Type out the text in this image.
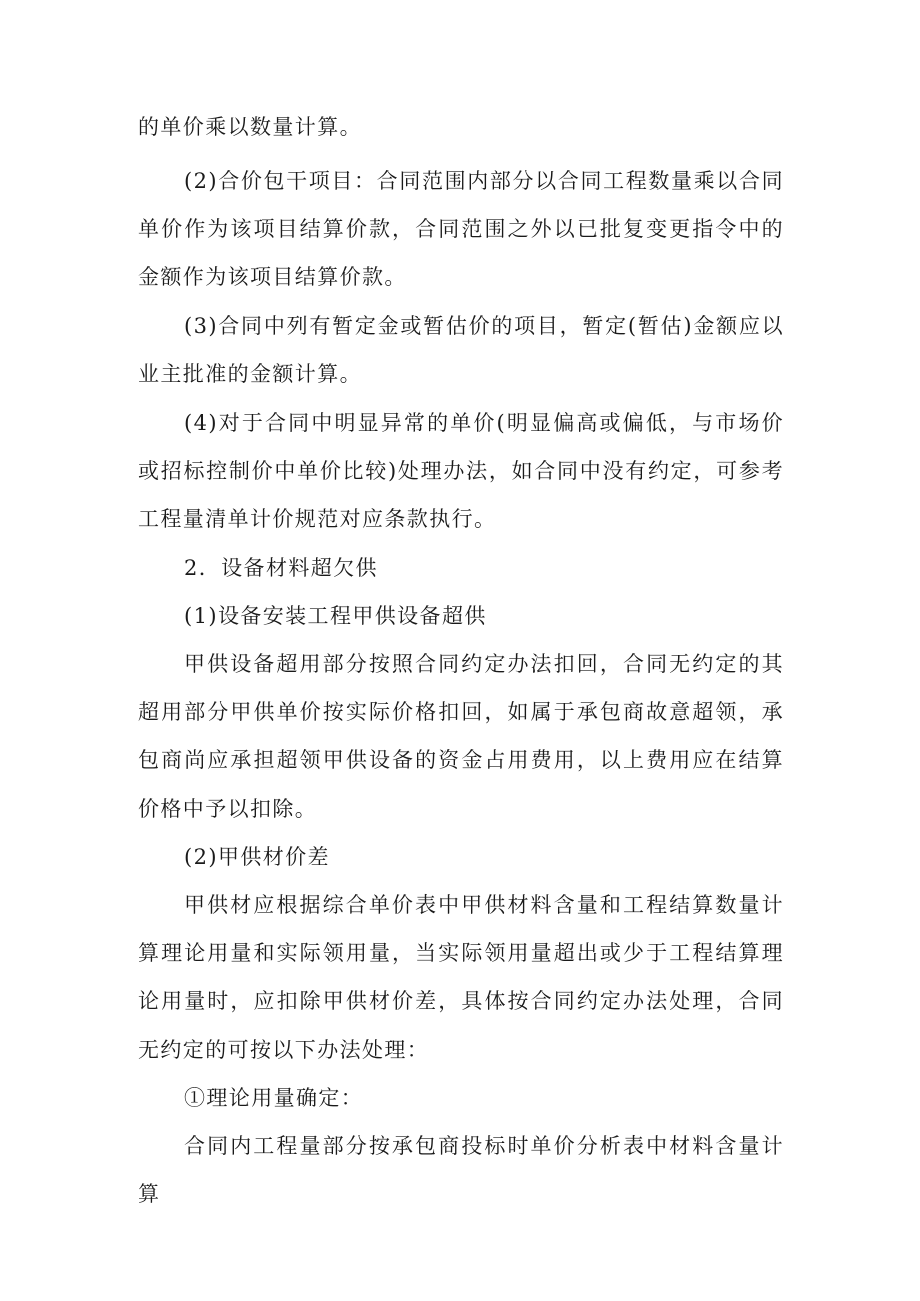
的单价乘以数量计算。

(2)合价包干项目：合同范围内部分以合同工程数量乘以合同单价作为该项目结算价款，合同范围之外以已批复变更指令中的金额作为该项目结算价款。

(3)合同中列有暂定金或暂估价的项目，暂定(暂估)金额应以业主批准的金额计算。

(4)对于合同中明显异常的单价(明显偏高或偏低，与市场价或招标控制价中单价比较)处理办法，如合同中没有约定，可参考工程量清单计价规范对应条款执行。

2．设备材料超欠供

(1)设备安装工程甲供设备超供

甲供设备超用部分按照合同约定办法扣回，合同无约定的其超用部分甲供单价按实际价格扣回，如属于承包商故意超领，承包商尚应承担超领甲供设备的资金占用费用，以上费用应在结算价格中予以扣除。

(2)甲供材价差

甲供材应根据综合单价表中甲供材料含量和工程结算数量计算理论用量和实际领用量，当实际领用量超出或少于工程结算理论用量时，应扣除甲供材价差，具体按合同约定办法处理，合同无约定的可按以下办法处理：

①理论用量确定：

合同内工程量部分按承包商投标时单价分析表中材料含量计算
